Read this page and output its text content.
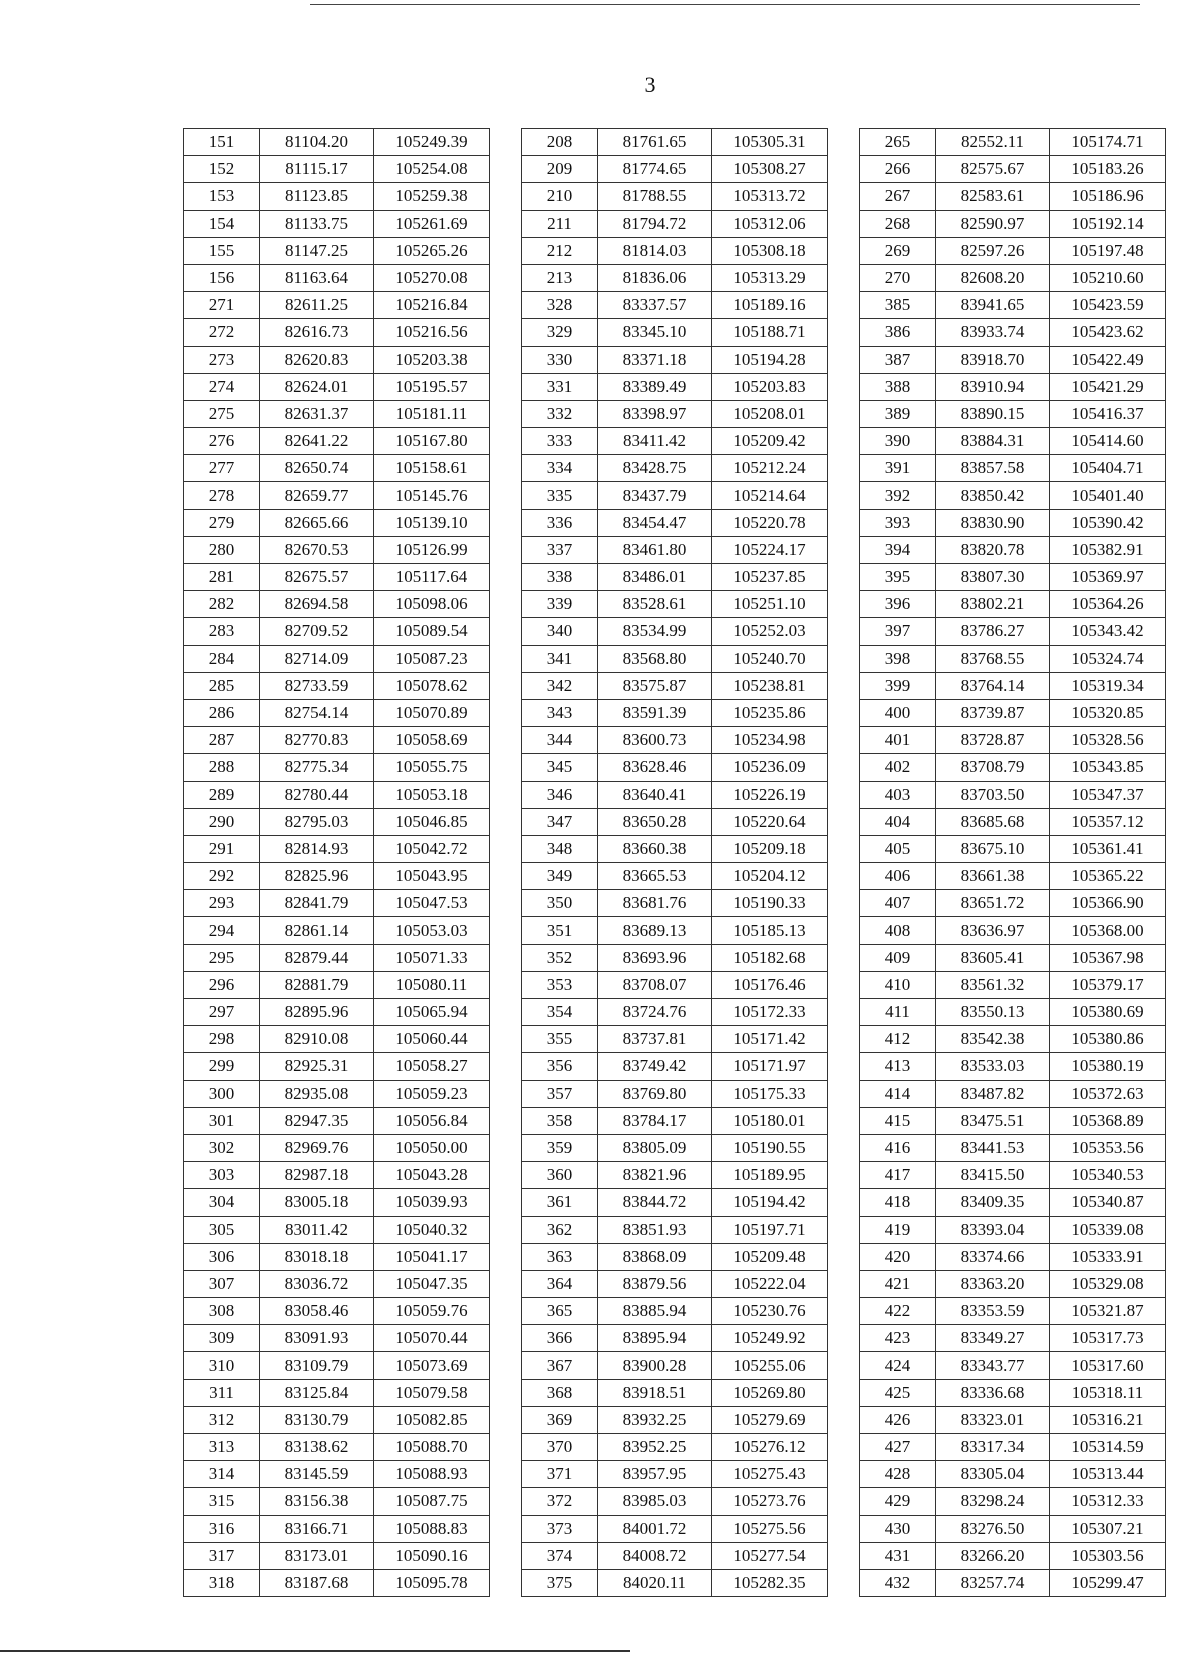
3
151	81104.20	105249.39
152	81115.17	105254.08
153	81123.85	105259.38
154	81133.75	105261.69
155	81147.25	105265.26
156	81163.64	105270.08
271	82611.25	105216.84
272	82616.73	105216.56
273	82620.83	105203.38
274	82624.01	105195.57
275	82631.37	105181.11
276	82641.22	105167.80
277	82650.74	105158.61
278	82659.77	105145.76
279	82665.66	105139.10
280	82670.53	105126.99
281	82675.57	105117.64
282	82694.58	105098.06
283	82709.52	105089.54
284	82714.09	105087.23
285	82733.59	105078.62
286	82754.14	105070.89
287	82770.83	105058.69
288	82775.34	105055.75
289	82780.44	105053.18
290	82795.03	105046.85
291	82814.93	105042.72
292	82825.96	105043.95
293	82841.79	105047.53
294	82861.14	105053.03
295	82879.44	105071.33
296	82881.79	105080.11
297	82895.96	105065.94
298	82910.08	105060.44
299	82925.31	105058.27
300	82935.08	105059.23
301	82947.35	105056.84
302	82969.76	105050.00
303	82987.18	105043.28
304	83005.18	105039.93
305	83011.42	105040.32
306	83018.18	105041.17
307	83036.72	105047.35
308	83058.46	105059.76
309	83091.93	105070.44
310	83109.79	105073.69
311	83125.84	105079.58
312	83130.79	105082.85
313	83138.62	105088.70
314	83145.59	105088.93
315	83156.38	105087.75
316	83166.71	105088.83
317	83173.01	105090.16
318	83187.68	105095.78
208	81761.65	105305.31
209	81774.65	105308.27
210	81788.55	105313.72
211	81794.72	105312.06
212	81814.03	105308.18
213	81836.06	105313.29
328	83337.57	105189.16
329	83345.10	105188.71
330	83371.18	105194.28
331	83389.49	105203.83
332	83398.97	105208.01
333	83411.42	105209.42
334	83428.75	105212.24
335	83437.79	105214.64
336	83454.47	105220.78
337	83461.80	105224.17
338	83486.01	105237.85
339	83528.61	105251.10
340	83534.99	105252.03
341	83568.80	105240.70
342	83575.87	105238.81
343	83591.39	105235.86
344	83600.73	105234.98
345	83628.46	105236.09
346	83640.41	105226.19
347	83650.28	105220.64
348	83660.38	105209.18
349	83665.53	105204.12
350	83681.76	105190.33
351	83689.13	105185.13
352	83693.96	105182.68
353	83708.07	105176.46
354	83724.76	105172.33
355	83737.81	105171.42
356	83749.42	105171.97
357	83769.80	105175.33
358	83784.17	105180.01
359	83805.09	105190.55
360	83821.96	105189.95
361	83844.72	105194.42
362	83851.93	105197.71
363	83868.09	105209.48
364	83879.56	105222.04
365	83885.94	105230.76
366	83895.94	105249.92
367	83900.28	105255.06
368	83918.51	105269.80
369	83932.25	105279.69
370	83952.25	105276.12
371	83957.95	105275.43
372	83985.03	105273.76
373	84001.72	105275.56
374	84008.72	105277.54
375	84020.11	105282.35
265	82552.11	105174.71
266	82575.67	105183.26
267	82583.61	105186.96
268	82590.97	105192.14
269	82597.26	105197.48
270	82608.20	105210.60
385	83941.65	105423.59
386	83933.74	105423.62
387	83918.70	105422.49
388	83910.94	105421.29
389	83890.15	105416.37
390	83884.31	105414.60
391	83857.58	105404.71
392	83850.42	105401.40
393	83830.90	105390.42
394	83820.78	105382.91
395	83807.30	105369.97
396	83802.21	105364.26
397	83786.27	105343.42
398	83768.55	105324.74
399	83764.14	105319.34
400	83739.87	105320.85
401	83728.87	105328.56
402	83708.79	105343.85
403	83703.50	105347.37
404	83685.68	105357.12
405	83675.10	105361.41
406	83661.38	105365.22
407	83651.72	105366.90
408	83636.97	105368.00
409	83605.41	105367.98
410	83561.32	105379.17
411	83550.13	105380.69
412	83542.38	105380.86
413	83533.03	105380.19
414	83487.82	105372.63
415	83475.51	105368.89
416	83441.53	105353.56
417	83415.50	105340.53
418	83409.35	105340.87
419	83393.04	105339.08
420	83374.66	105333.91
421	83363.20	105329.08
422	83353.59	105321.87
423	83349.27	105317.73
424	83343.77	105317.60
425	83336.68	105318.11
426	83323.01	105316.21
427	83317.34	105314.59
428	83305.04	105313.44
429	83298.24	105312.33
430	83276.50	105307.21
431	83266.20	105303.56
432	83257.74	105299.47
